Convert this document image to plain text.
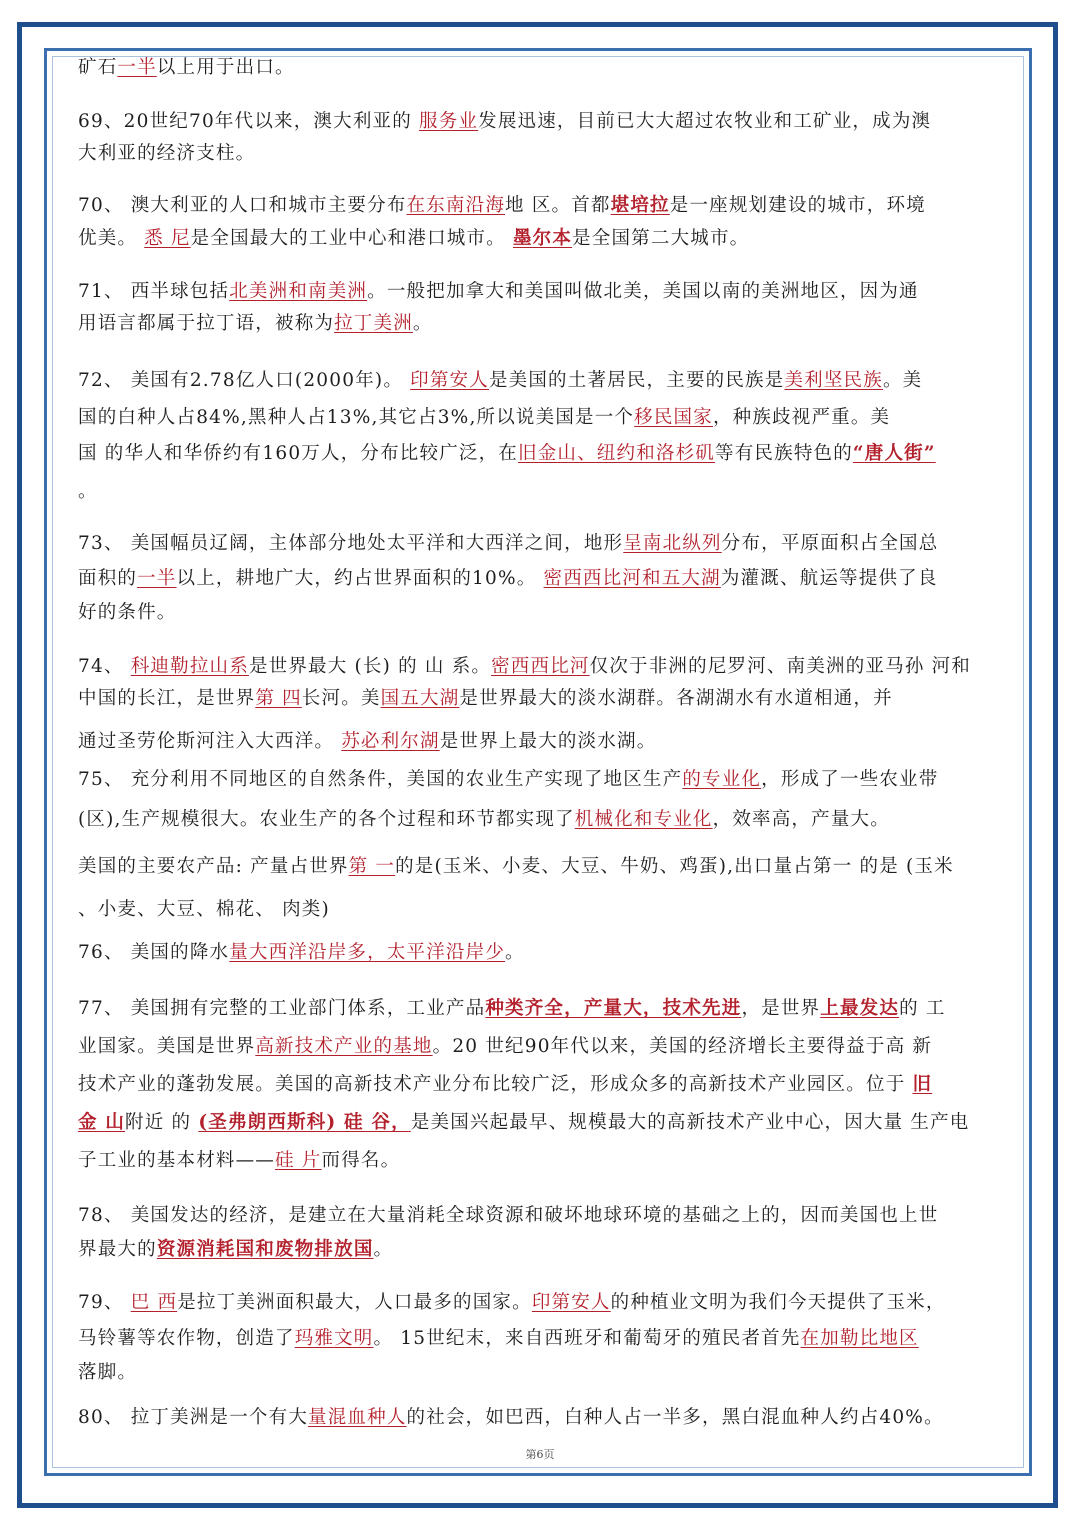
矿石一半以上用于出口。
69、20世纪70年代以来，澳大利亚的 服务业发展迅速，目前已大大超过农牧业和工矿业，成为澳
大利亚的经济支柱。
70、 澳大利亚的人口和城市主要分布在东南沿海地 区。首都堪培拉是一座规划建设的城市，环境
优美。 悉 尼是全国最大的工业中心和港口城市。 墨尔本是全国第二大城市。
71、 西半球包括北美洲和南美洲。一般把加拿大和美国叫做北美，美国以南的美洲地区，因为通
用语言都属于拉丁语，被称为拉丁美洲。
72、 美国有2.78亿人口(2000年)。 印第安人是美国的土著居民，主要的民族是美利坚民族。美
国的白种人占84%,黑种人占13%,其它占3%,所以说美国是一个移民国家，种族歧视严重。美
国 的华人和华侨约有160万人，分布比较广泛，在旧金山、纽约和洛杉矶等有民族特色的“唐人街”
。
73、 美国幅员辽阔，主体部分地处太平洋和大西洋之间，地形呈南北纵列分布，平原面积占全国总
面积的一半以上，耕地广大，约占世界面积的10%。 密西西比河和五大湖为灌溉、航运等提供了良
好的条件。
74、 科迪勒拉山系是世界最大 (长) 的 山 系。密西西比河仅次于非洲的尼罗河、南美洲的亚马孙 河和
中国的长江，是世界第 四长河。美国五大湖是世界最大的淡水湖群。各湖湖水有水道相通，并
通过圣劳伦斯河注入大西洋。 苏必利尔湖是世界上最大的淡水湖。
75、 充分利用不同地区的自然条件，美国的农业生产实现了地区生产的专业化，形成了一些农业带
(区),生产规模很大。农业生产的各个过程和环节都实现了机械化和专业化，效率高，产量大。
美国的主要农产品: 产量占世界第 一的是(玉米、小麦、大豆、牛奶、鸡蛋),出口量占第一 的是 (玉米
、小麦、大豆、棉花、 肉类)
76、 美国的降水量大西洋沿岸多，太平洋沿岸少。
77、 美国拥有完整的工业部门体系，工业产品种类齐全，产量大，技术先进，是世界上最发达的 工
业国家。美国是世界高新技术产业的基地。20 世纪90年代以来，美国的经济增长主要得益于高 新
技术产业的蓬勃发展。美国的高新技术产业分布比较广泛，形成众多的高新技术产业园区。位于 旧
金 山附近 的 (圣弗朗西斯科) 硅 谷，是美国兴起最早、规模最大的高新技术产业中心，因大量 生产电
子工业的基本材料——硅 片而得名。
78、 美国发达的经济，是建立在大量消耗全球资源和破坏地球环境的基础之上的，因而美国也上世
界最大的资源消耗国和废物排放国。
79、 巴 西是拉丁美洲面积最大，人口最多的国家。印第安人的种植业文明为我们今天提供了玉米，
马铃薯等农作物，创造了玛雅文明。 15世纪末，来自西班牙和葡萄牙的殖民者首先在加勒比地区
落脚。
80、 拉丁美洲是一个有大量混血种人的社会，如巴西，白种人占一半多，黑白混血种人约占40%。
第6页
